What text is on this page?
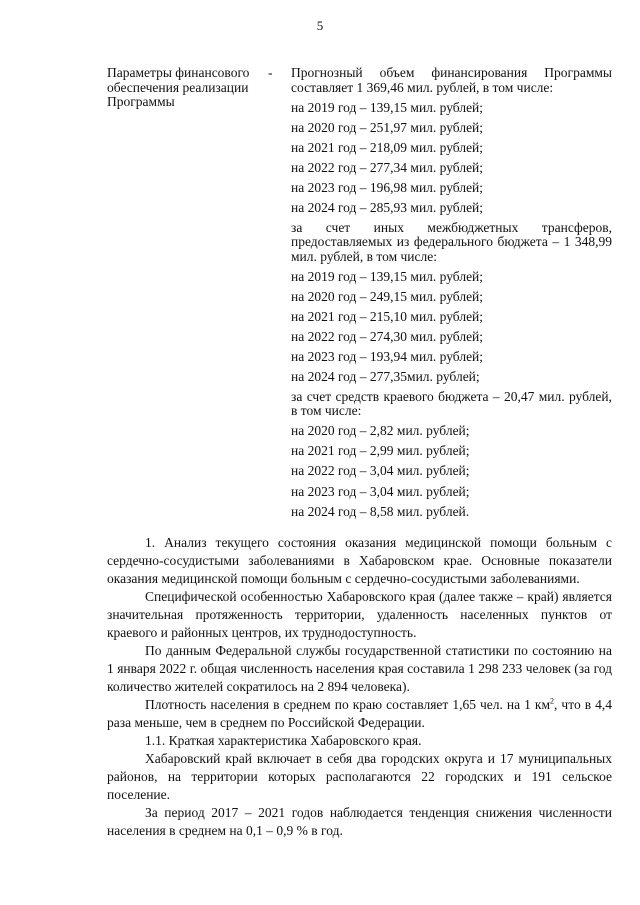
5
Параметры финансового обеспечения реализации Программы
-	Прогнозный объем финансирования Программы составляет 1 369,46 мил. рублей, в том числе:

на 2019 год – 139,15 мил. рублей;

на 2020 год – 251,97 мил. рублей;

на 2021 год – 218,09 мил. рублей;

на 2022 год – 277,34 мил. рублей;

на 2023 год – 196,98 мил. рублей;

на 2024 год – 285,93 мил. рублей;

за счет иных межбюджетных трансферов, предоставляемых из федерального бюджета – 1 348,99 мил. рублей, в том числе:

на 2019 год – 139,15 мил. рублей;

на 2020 год – 249,15 мил. рублей;

на 2021 год – 215,10 мил. рублей;

на 2022 год – 274,30 мил. рублей;

на 2023 год – 193,94 мил. рублей;

на 2024 год – 277,35мил. рублей;

за счет средств краевого бюджета – 20,47 мил. рублей, в том числе:

на 2020 год – 2,82 мил. рублей;

на 2021 год – 2,99 мил. рублей;

на 2022 год – 3,04 мил. рублей;

на 2023 год – 3,04 мил. рублей;

на 2024 год – 8,58 мил. рублей.

1. Анализ текущего состояния оказания медицинской помощи больным с сердечно-сосудистыми заболеваниями в Хабаровском крае. Основные показатели оказания медицинской помощи больным с сердечно-сосудистыми заболеваниями.

Специфической особенностью Хабаровского края (далее также – край) является значительная протяженность территории, удаленность населенных пунктов от краевого и районных центров, их труднодоступность.

По данным Федеральной службы государственной статистики по состоянию на 1 января 2022 г. общая численность населения края составила 1 298 233 человек (за год количество жителей сократилось на 2 894 человека).

Плотность населения в среднем по краю составляет 1,65 чел. на 1 $км^2$, что в 4,4 раза меньше, чем в среднем по Российской Федерации.

1.1. Краткая характеристика Хабаровского края.

Хабаровский край включает в себя два городских округа и 17 муниципальных районов, на территории которых располагаются 22 городских и 191 сельское поселение.

За период 2017 – 2021 годов наблюдается тенденция снижения численности населения в среднем на 0,1 – 0,9 % в год.
